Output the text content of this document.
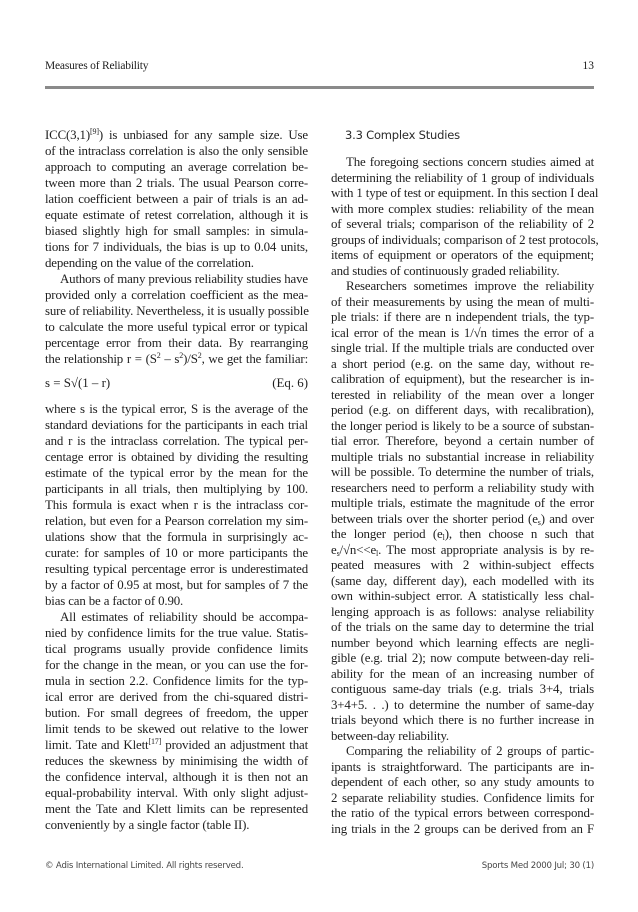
Measures of Reliability	13
ICC(3,1)[9]) is unbiased for any sample size. Use
of the intraclass correlation is also the only sensible
approach to computing an average correlation be-
tween more than 2 trials. The usual Pearson corre-
lation coefficient between a pair of trials is an ad-
equate estimate of retest correlation, although it is
biased slightly high for small samples: in simula-
tions for 7 individuals, the bias is up to 0.04 units,
depending on the value of the correlation.
Authors of many previous reliability studies have
provided only a correlation coefficient as the mea-
sure of reliability. Nevertheless, it is usually possible
to calculate the more useful typical error or typical
percentage error from their data. By rearranging
the relationship $r = (S^2 - s^2)/S^2$, we get the familiar:
s = S√(1 – r)	(Eq. 6)
where s is the typical error, S is the average of the
standard deviations for the participants in each trial
and r is the intraclass correlation. The typical per-
centage error is obtained by dividing the resulting
estimate of the typical error by the mean for the
participants in all trials, then multiplying by 100.
This formula is exact when r is the intraclass cor-
relation, but even for a Pearson correlation my sim-
ulations show that the formula in surprisingly ac-
curate: for samples of 10 or more participants the
resulting typical percentage error is underestimated
by a factor of 0.95 at most, but for samples of 7 the
bias can be a factor of 0.90.
All estimates of reliability should be accompa-
nied by confidence limits for the true value. Statis-
tical programs usually provide confidence limits
for the change in the mean, or you can use the for-
mula in section 2.2. Confidence limits for the typ-
ical error are derived from the chi-squared distri-
bution. For small degrees of freedom, the upper
limit tends to be skewed out relative to the lower
limit. Tate and Klett[17] provided an adjustment that
reduces the skewness by minimising the width of
the confidence interval, although it is then not an
equal-probability interval. With only slight adjust-
ment the Tate and Klett limits can be represented
conveniently by a single factor (table II).
3.3 Complex Studies
The foregoing sections concern studies aimed at
determining the reliability of 1 group of individuals
with 1 type of test or equipment. In this section I deal
with more complex studies: reliability of the mean
of several trials; comparison of the reliability of 2
groups of individuals; comparison of 2 test protocols,
items of equipment or operators of the equipment;
and studies of continuously graded reliability.
Researchers sometimes improve the reliability
of their measurements by using the mean of multi-
ple trials: if there are n independent trials, the typ-
ical error of the mean is 1/√n times the error of a
single trial. If the multiple trials are conducted over
a short period (e.g. on the same day, without re-
calibration of equipment), but the researcher is in-
terested in reliability of the mean over a longer
period (e.g. on different days, with recalibration),
the longer period is likely to be a source of substan-
tial error. Therefore, beyond a certain number of
multiple trials no substantial increase in reliability
will be possible. To determine the number of trials,
researchers need to perform a reliability study with
multiple trials, estimate the magnitude of the error
between trials over the shorter period $(e_s)$ and over
the longer period $(e_l)$, then choose n such that
$e_s/√n<<e_l$. The most appropriate analysis is by re-
peated measures with 2 within-subject effects
(same day, different day), each modelled with its
own within-subject error. A statistically less chal-
lenging approach is as follows: analyse reliability
of the trials on the same day to determine the trial
number beyond which learning effects are negli-
gible (e.g. trial 2); now compute between-day reli-
ability for the mean of an increasing number of
contiguous same-day trials (e.g. trials 3+4, trials
3+4+5. . .) to determine the number of same-day
trials beyond which there is no further increase in
between-day reliability.
Comparing the reliability of 2 groups of partic-
ipants is straightforward. The participants are in-
dependent of each other, so any study amounts to
2 separate reliability studies. Confidence limits for
the ratio of the typical errors between correspond-
ing trials in the 2 groups can be derived from an F
© Adis International Limited. All rights reserved.	Sports Med 2000 Jul; 30 (1)
